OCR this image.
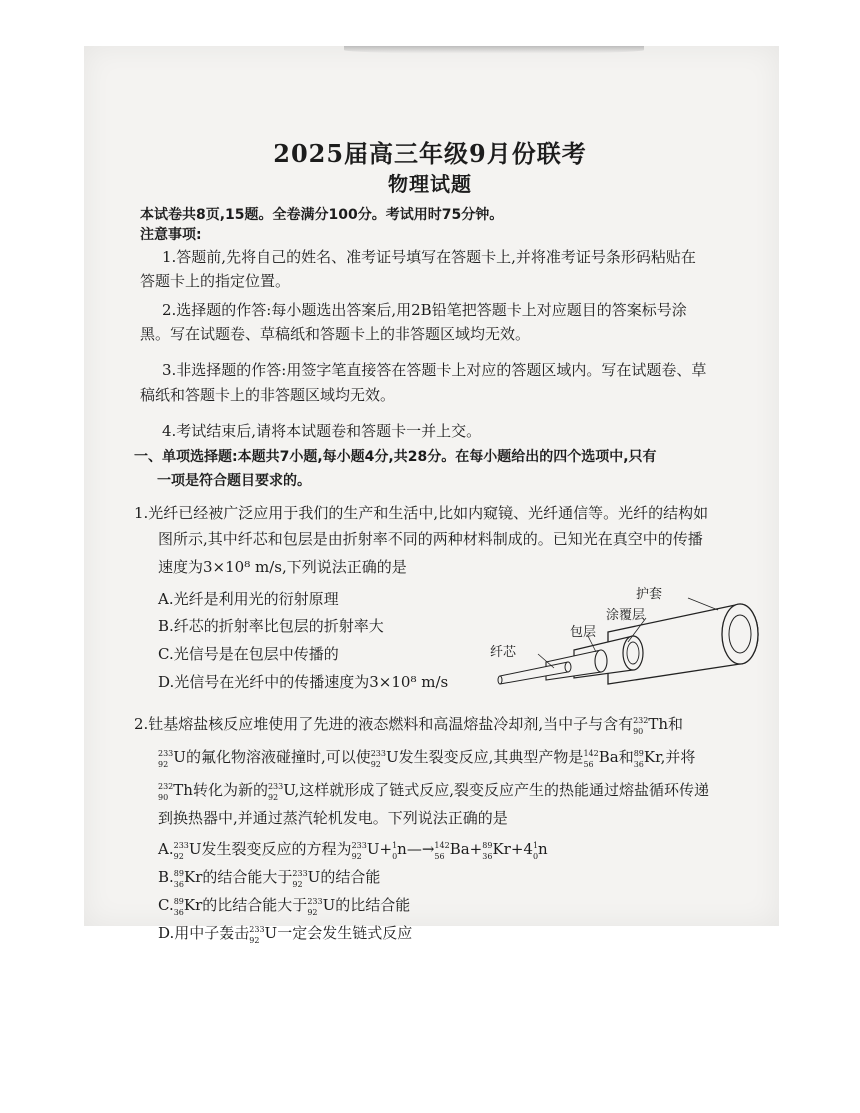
2025届高三年级9月份联考
物理试题
本试卷共8页,15题。全卷满分100分。考试用时75分钟。
注意事项:
1.答题前,先将自己的姓名、准考证号填写在答题卡上,并将准考证号条形码粘贴在
答题卡上的指定位置。
2.选择题的作答:每小题选出答案后,用2B铅笔把答题卡上对应题目的答案标号涂
黑。写在试题卷、草稿纸和答题卡上的非答题区域均无效。
3.非选择题的作答:用签字笔直接答在答题卡上对应的答题区域内。写在试题卷、草
稿纸和答题卡上的非答题区域均无效。
4.考试结束后,请将本试题卷和答题卡一并上交。
一、单项选择题:本题共7小题,每小题4分,共28分。在每小题给出的四个选项中,只有
一项是符合题目要求的。
1.光纤已经被广泛应用于我们的生产和生活中,比如内窥镜、光纤通信等。光纤的结构如
图所示,其中纤芯和包层是由折射率不同的两种材料制成的。已知光在真空中的传播
速度为3×10⁸ m/s,下列说法正确的是
A.光纤是利用光的衍射原理
B.纤芯的折射率比包层的折射率大
C.光信号是在包层中传播的
D.光信号在光纤中的传播速度为3×10⁸ m/s
护套
涂覆层
包层
纤芯
2.钍基熔盐核反应堆使用了先进的液态燃料和高温熔盐冷却剂,当中子与含有$^{232}$
90 Th和
$^{233}$
92 U的氟化物溶液碰撞时,可以使$^{233}$
92 U发生裂变反应,其典型产物是$^{142}$
56 Ba和$^{89}$
36 Kr,并将
$^{232}$
90 Th转化为新的$^{233}$
92 U,这样就形成了链式反应,裂变反应产生的热能通过熔盐循环传递
到换热器中,并通过蒸汽轮机发电。下列说法正确的是
A.$^{233}$
92 U发生裂变反应的方程为$^{233}$
92 U+$^1$
0 n—→$^{142}$
56 Ba+$^{89}$
36 $Kr+4^1$
0 n
B.$^{89}$
36 Kr的结合能大于$^{233}$
92 U的结合能
C.$^{89}$
36 Kr的比结合能大于$^{233}$
92 U的比结合能
D.用中子轰击$^{233}$
92 U一定会发生链式反应
